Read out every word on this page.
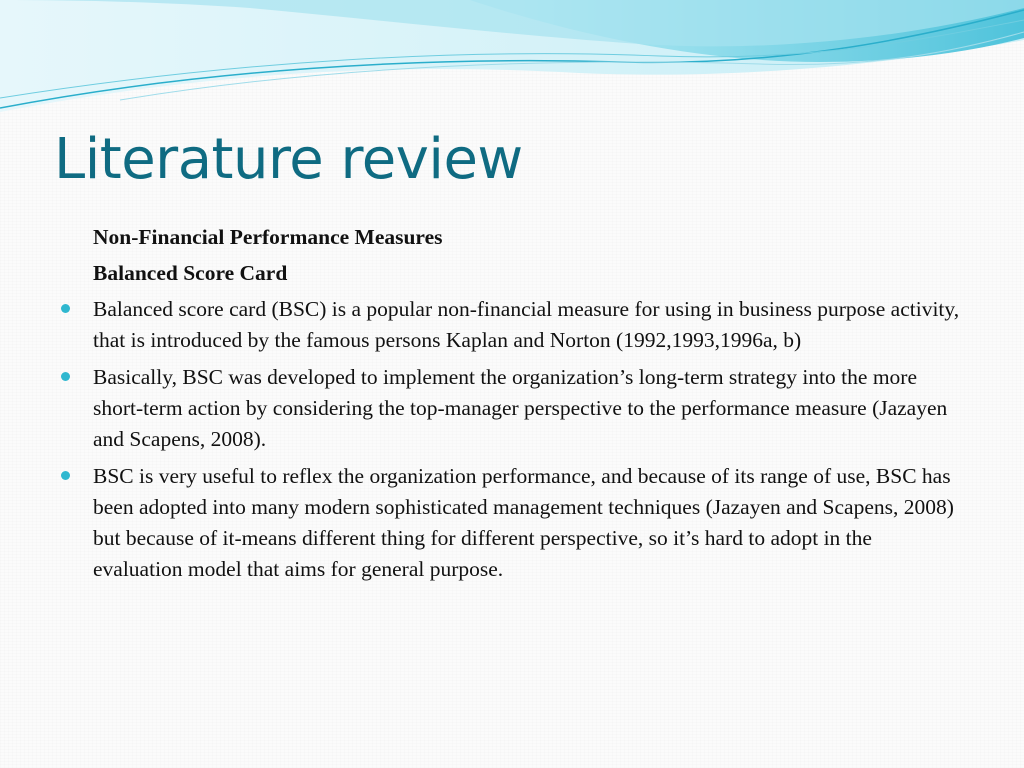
Literature review
Non-Financial Performance Measures
Balanced Score Card
Balanced score card (BSC) is a popular non-financial measure for using in business purpose activity, that is introduced by the famous persons Kaplan and Norton (1992,1993,1996a, b)
Basically, BSC was developed to implement the organization’s long-term strategy into the more short-term action by considering the top-manager perspective to the performance measure (Jazayen and Scapens, 2008).
BSC is very useful to reflex the organization performance, and because of its range of use, BSC has been adopted into many modern sophisticated management techniques (Jazayen and Scapens, 2008) but because of it-means different thing for different perspective, so it’s hard to adopt in the evaluation model that aims for general purpose.
